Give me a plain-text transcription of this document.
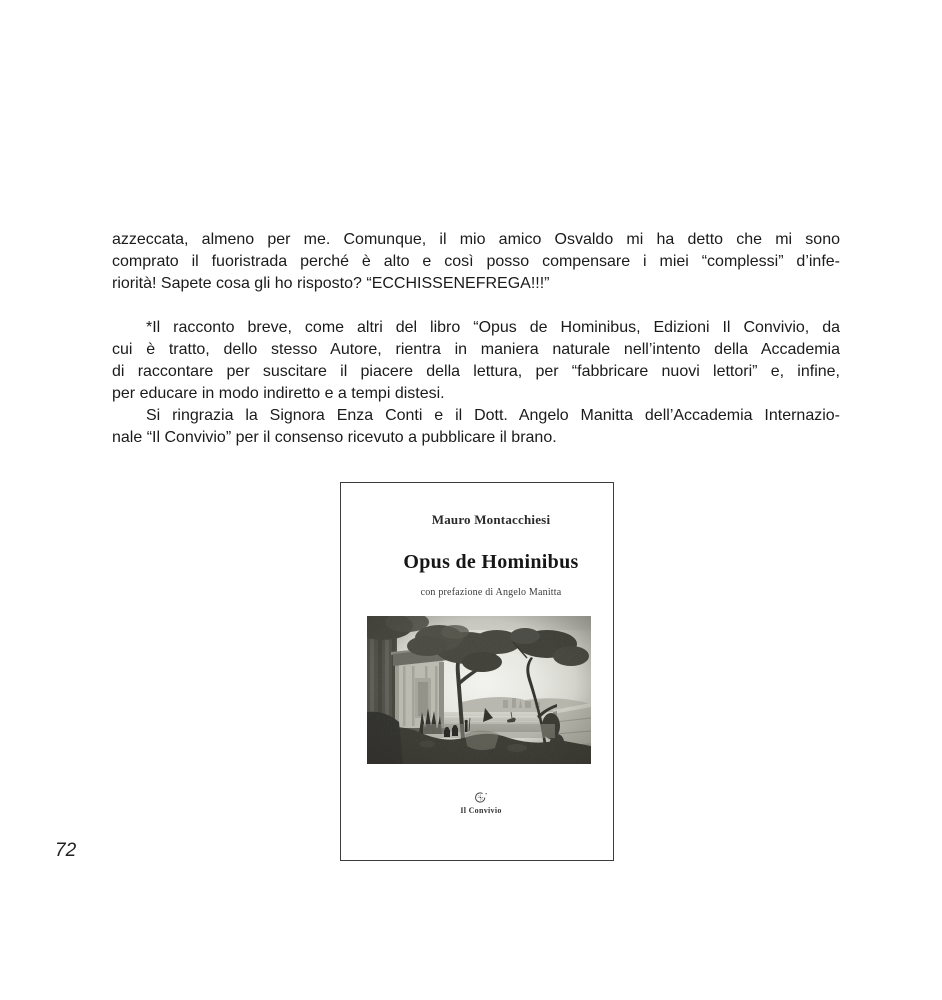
azzeccata, almeno per me. Comunque, il mio amico Osvaldo mi ha detto che mi sono
comprato il fuoristrada perché è alto e così posso compensare i miei “complessi” d’infe-
riorità! Sapete cosa gli ho risposto? “ECCHISSENEFREGA!!!”
*Il racconto breve, come altri del libro “Opus de Hominibus, Edizioni Il Convivio, da
cui è tratto, dello stesso Autore, rientra in maniera naturale nell’intento della Accademia
di raccontare per suscitare il piacere della lettura, per “fabbricare nuovi lettori” e, infine,
per educare in modo indiretto e a tempi distesi.
Si ringrazia la Signora Enza Conti e il Dott. Angelo Manitta dell’Accademia Internazio-
nale “Il Convivio” per il consenso ricevuto a pubblicare il brano.
Mauro Montacchiesi
Opus de Hominibus
con prefazione di Angelo Manitta
Il Convivio
72
